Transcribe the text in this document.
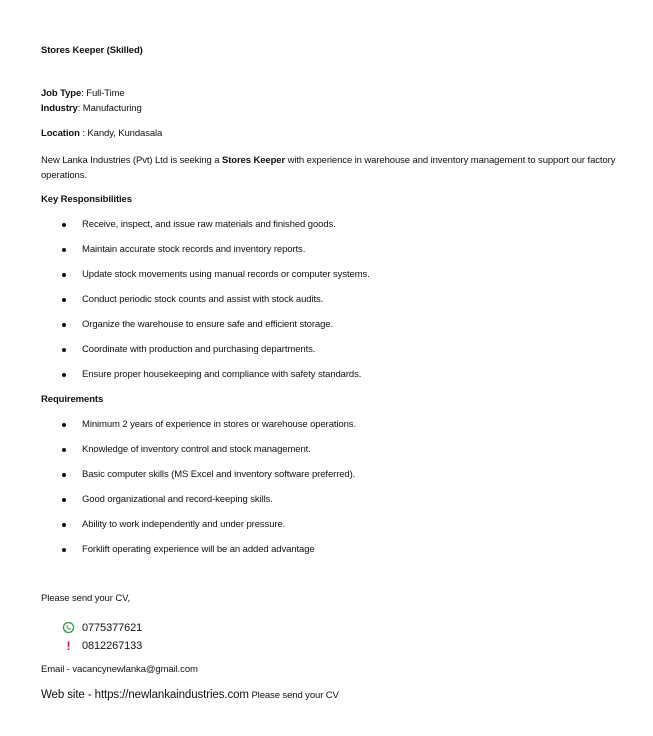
Stores Keeper (Skilled)
Job Type: Full-Time
Industry: Manufacturing
Location : Kandy, Kundasala
New Lanka Industries (Pvt) Ltd is seeking a Stores Keeper with experience in warehouse and inventory management to support our factory operations.
Key Responsibilities
Receive, inspect, and issue raw materials and finished goods.
Maintain accurate stock records and inventory reports.
Update stock movements using manual records or computer systems.
Conduct periodic stock counts and assist with stock audits.
Organize the warehouse to ensure safe and efficient storage.
Coordinate with production and purchasing departments.
Ensure proper housekeeping and compliance with safety standards.
Requirements
Minimum 2 years of experience in stores or warehouse operations.
Knowledge of inventory control and stock management.
Basic computer skills (MS Excel and inventory software preferred).
Good organizational and record-keeping skills.
Ability to work independently and under pressure.
Forklift operating experience will be an added advantage
Please send your CV,
0775377621
!	0812267133
Email - vacancynewlanka@gmail.com
Web site - https://newlankaindustries.com Please send your CV
